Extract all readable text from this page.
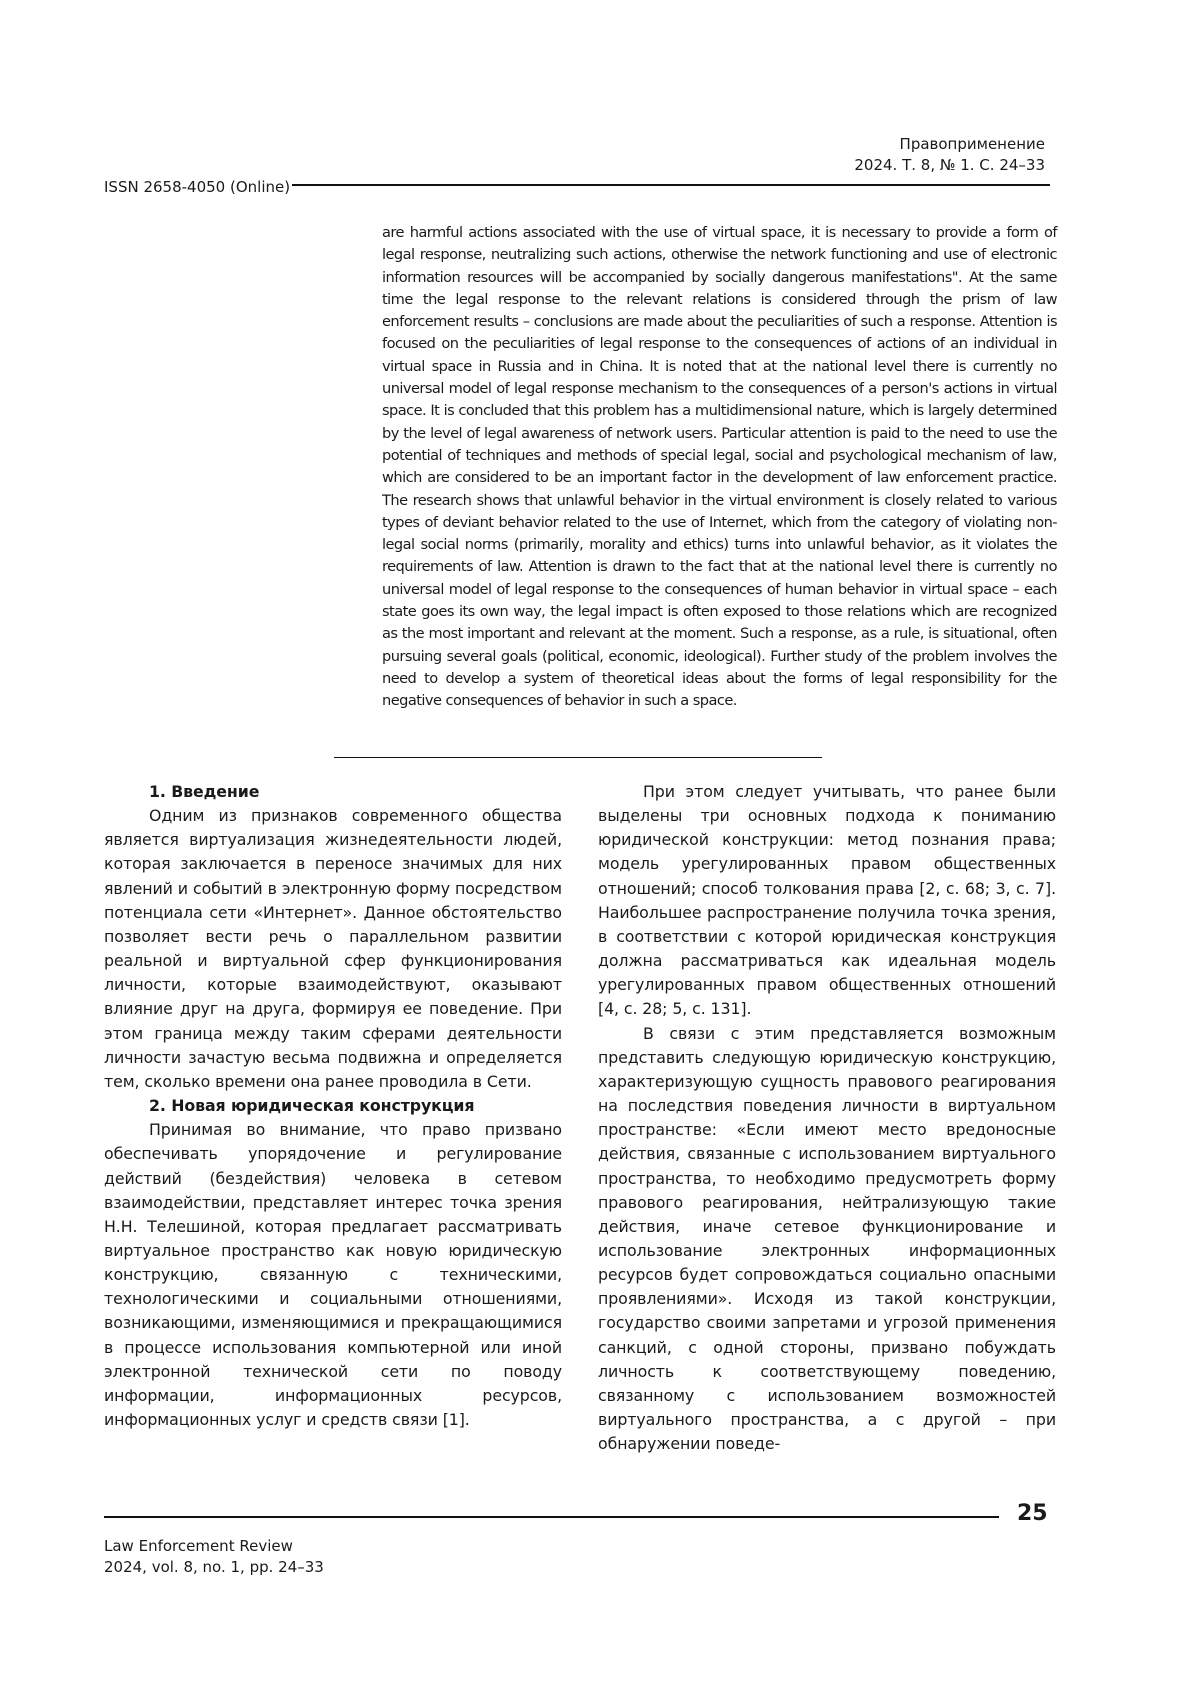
Правоприменение
2024. Т. 8, № 1. С. 24–33
ISSN 2658-4050 (Online)

are harmful actions associated with the use of virtual space, it is necessary to provide a form of legal response, neutralizing such actions, otherwise the network functioning and use of electronic information resources will be accompanied by socially dangerous manifestations". At the same time the legal response to the relevant relations is considered through the prism of law enforcement results – conclusions are made about the peculiarities of such a response. Attention is focused on the peculiarities of legal response to the consequences of actions of an individual in virtual space in Russia and in China. It is noted that at the national level there is currently no universal model of legal response mechanism to the consequences of a person's actions in virtual space. It is concluded that this problem has a multidimensional nature, which is largely determined by the level of legal awareness of network users. Particular attention is paid to the need to use the potential of techniques and methods of special legal, social and psychological mechanism of law, which are considered to be an important factor in the development of law enforcement practice. The research shows that unlawful behavior in the virtual environment is closely related to various types of deviant behavior related to the use of Internet, which from the category of violating non-legal social norms (primarily, morality and ethics) turns into unlawful behavior, as it violates the requirements of law. Attention is drawn to the fact that at the national level there is currently no universal model of legal response to the consequences of human behavior in virtual space – each state goes its own way, the legal impact is often exposed to those relations which are recognized as the most important and relevant at the moment. Such a response, as a rule, is situational, often pursuing several goals (political, economic, ideological). Further study of the problem involves the need to develop a system of theoretical ideas about the forms of legal responsibility for the negative consequences of behavior in such a space.

1. Введение

Одним из признаков современного общества является виртуализация жизнедеятельности людей, которая заключается в переносе значимых для них явлений и событий в электронную форму посредством потенциала сети «Интернет». Данное обстоятельство позволяет вести речь о параллельном развитии реальной и виртуальной сфер функционирования личности, которые взаимодействуют, оказывают влияние друг на друга, формируя ее поведение. При этом граница между таким сферами деятельности личности зачастую весьма подвижна и определяется тем, сколько времени она ранее проводила в Сети.

2. Новая юридическая конструкция

Принимая во внимание, что право призвано обеспечивать упорядочение и регулирование действий (бездействия) человека в сетевом взаимодействии, представляет интерес точка зрения Н.Н. Телешиной, которая предлагает рассматривать виртуальное пространство как новую юридическую конструкцию, связанную с техническими, технологическими и социальными отношениями, возникающими, изменяющимися и прекращающимися в процессе использования компьютерной или иной электронной технической сети по поводу информации, информационных ресурсов, информационных услуг и средств связи [1].

При этом следует учитывать, что ранее были выделены три основных подхода к пониманию юридической конструкции: метод познания права; модель урегулированных правом общественных отношений; способ толкования права [2, с. 68; 3, с. 7]. Наибольшее распространение получила точка зрения, в соответствии с которой юридическая конструкция должна рассматриваться как идеальная модель урегулированных правом общественных отношений [4, с. 28; 5, с. 131].

В связи с этим представляется возможным представить следующую юридическую конструкцию, характеризующую сущность правового реагирования на последствия поведения личности в виртуальном пространстве: «Если имеют место вредоносные действия, связанные с использованием виртуального пространства, то необходимо предусмотреть форму правового реагирования, нейтрализующую такие действия, иначе сетевое функционирование и использование электронных информационных ресурсов будет сопровождаться социально опасными проявлениями». Исходя из такой конструкции, государство своими запретами и угрозой применения санкций, с одной стороны, призвано побуждать личность к соответствующему поведению, связанному с использованием возможностей виртуального пространства, а с другой – при обнаружении поведе-

25
Law Enforcement Review
2024, vol. 8, no. 1, pp. 24–33
